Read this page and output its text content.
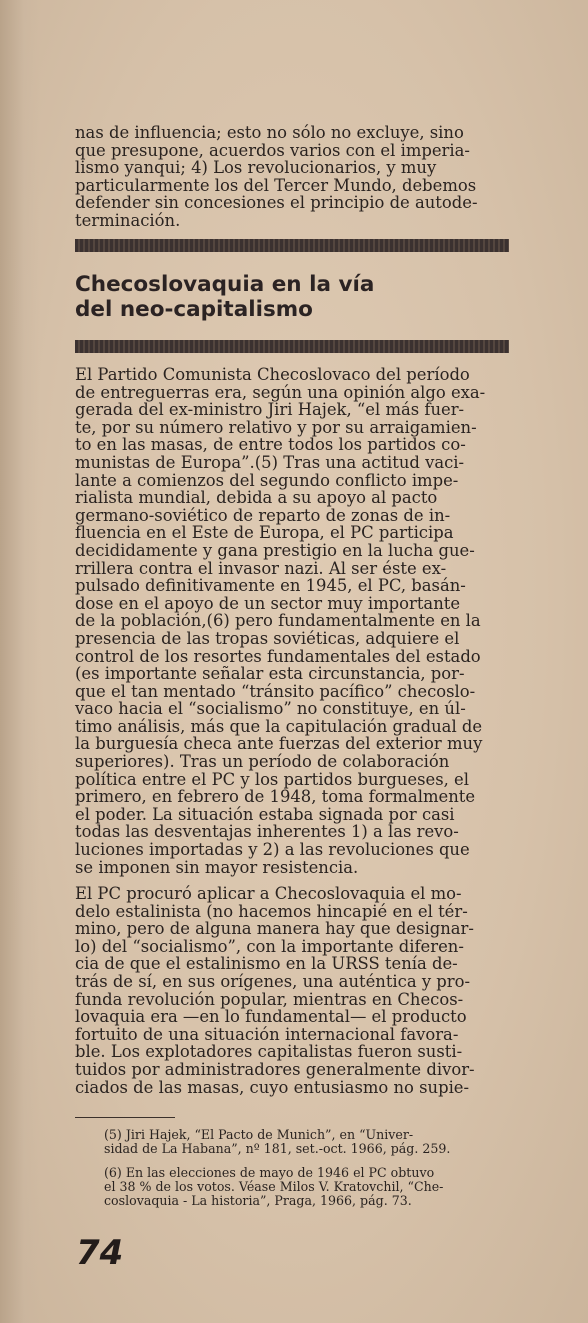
nas de influencia; esto no sólo no excluye, sino
que presupone, acuerdos varios con el imperia-
lismo yanqui; 4) Los revolucionarios, y muy
particularmente los del Tercer Mundo, debemos
defender sin concesiones el principio de autode-
terminación.

Checoslovaquia en la vía
del neo-capitalismo

El Partido Comunista Checoslovaco del período
de entreguerras era, según una opinión algo exa-
gerada del ex-ministro Jiri Hajek, “el más fuer-
te, por su número relativo y por su arraigamien-
to en las masas, de entre todos los partidos co-
munistas de Europa”.(5) Tras una actitud vaci-
lante a comienzos del segundo conflicto impe-
rialista mundial, debida a su apoyo al pacto
germano-soviético de reparto de zonas de in-
fluencia en el Este de Europa, el PC participa
decididamente y gana prestigio en la lucha gue-
rrillera contra el invasor nazi. Al ser éste ex-
pulsado definitivamente en 1945, el PC, basán-
dose en el apoyo de un sector muy importante
de la población,(6) pero fundamentalmente en la
presencia de las tropas soviéticas, adquiere el
control de los resortes fundamentales del estado
(es importante señalar esta circunstancia, por-
que el tan mentado “tránsito pacífico” checoslo-
vaco hacia el “socialismo” no constituye, en úl-
timo análisis, más que la capitulación gradual de
la burguesía checa ante fuerzas del exterior muy
superiores). Tras un período de colaboración
política entre el PC y los partidos burgueses, el
primero, en febrero de 1948, toma formalmente
el poder. La situación estaba signada por casi
todas las desventajas inherentes 1) a las revo-
luciones importadas y 2) a las revoluciones que
se imponen sin mayor resistencia.

El PC procuró aplicar a Checoslovaquia el mo-
delo estalinista (no hacemos hincapié en el tér-
mino, pero de alguna manera hay que designar-
lo) del “socialismo”, con la importante diferen-
cia de que el estalinismo en la URSS tenía de-
trás de sí, en sus orígenes, una auténtica y pro-
funda revolución popular, mientras en Checos-
lovaquia era —en lo fundamental— el producto
fortuito de una situación internacional favora-
ble. Los explotadores capitalistas fueron susti-
tuidos por administradores generalmente divor-
ciados de las masas, cuyo entusiasmo no supie-

(5) Jiri Hajek, “El Pacto de Munich”, en “Univer-
sidad de La Habana”, nº 181, set.-oct. 1966, pág. 259.

(6) En las elecciones de mayo de 1946 el PC obtuvo
el 38 % de los votos. Véase Milos V. Kratovchil, “Che-
coslovaquia - La historia”, Praga, 1966, pág. 73.

74
